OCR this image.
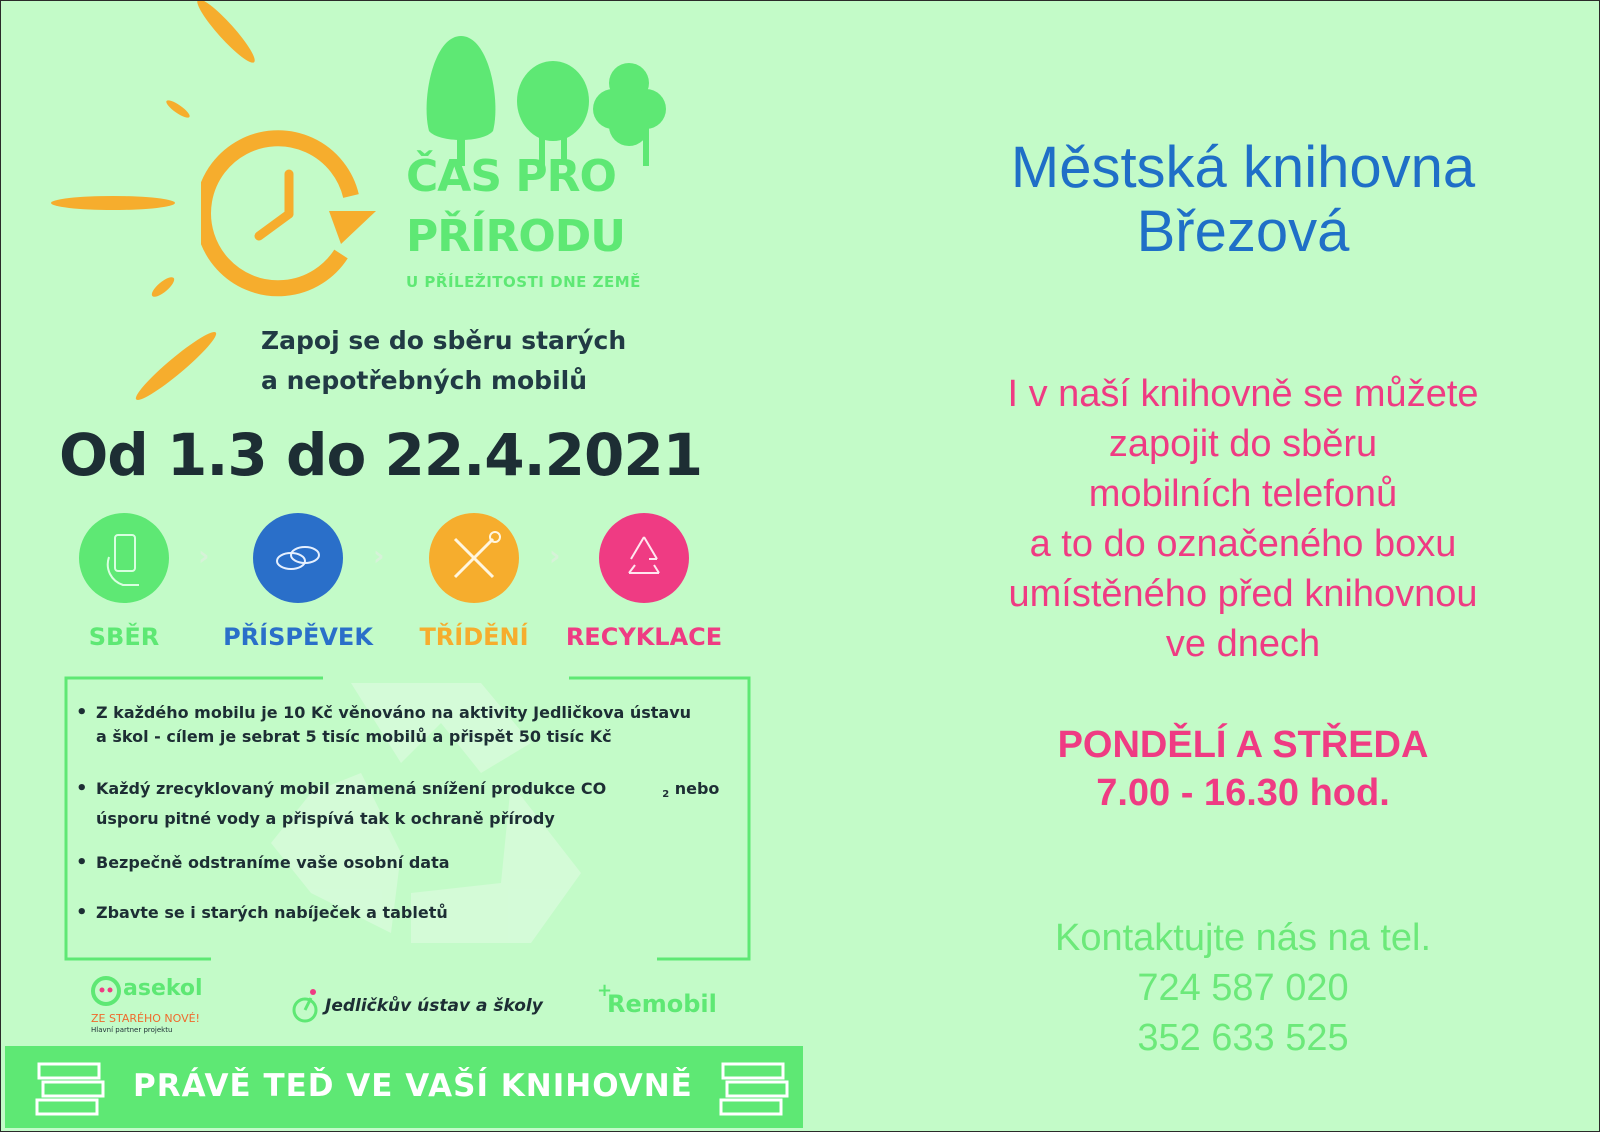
ČAS PRO
PŘÍRODU
U PŘÍLEŽITOSTI DNE ZEMĚ
Zapoj se do sběru starých
a nepotřebných mobilů
Od 1.3 do 22.4.2021
›	›	›
SBĚR	PŘÍSPĚVEK	TŘÍDĚNÍ	RECYKLACE
• Z každého mobilu je 10 Kč věnováno na aktivity Jedličkova ústavu
a škol - cílem je sebrat 5 tisíc mobilů a přispět 50 tisíc Kč
• Každý zrecyklovaný mobil znamená snížení produkce CO	2 nebo
úsporu pitné vody a přispívá tak k ochraně přírody
• Bezpečně odstraníme vaše osobní data
• Zbavte se i starých nabíječek a tabletů
asekol
ZE STARÉHO NOVÉ!
Hlavní partner projektu
Jedličkův ústav a školy
+
Remobil
PRÁVĚ TEĎ VE VAŠÍ KNIHOVNĚ
Městská knihovna
Březová
I v naší knihovně se můžete
zapojit do sběru
mobilních telefonů
a to do označeného boxu
umístěného před knihovnou
ve dnech
PONDĚLÍ A STŘEDA
7.00 - 16.30 hod.
Kontaktujte nás na tel.
724 587 020
352 633 525
